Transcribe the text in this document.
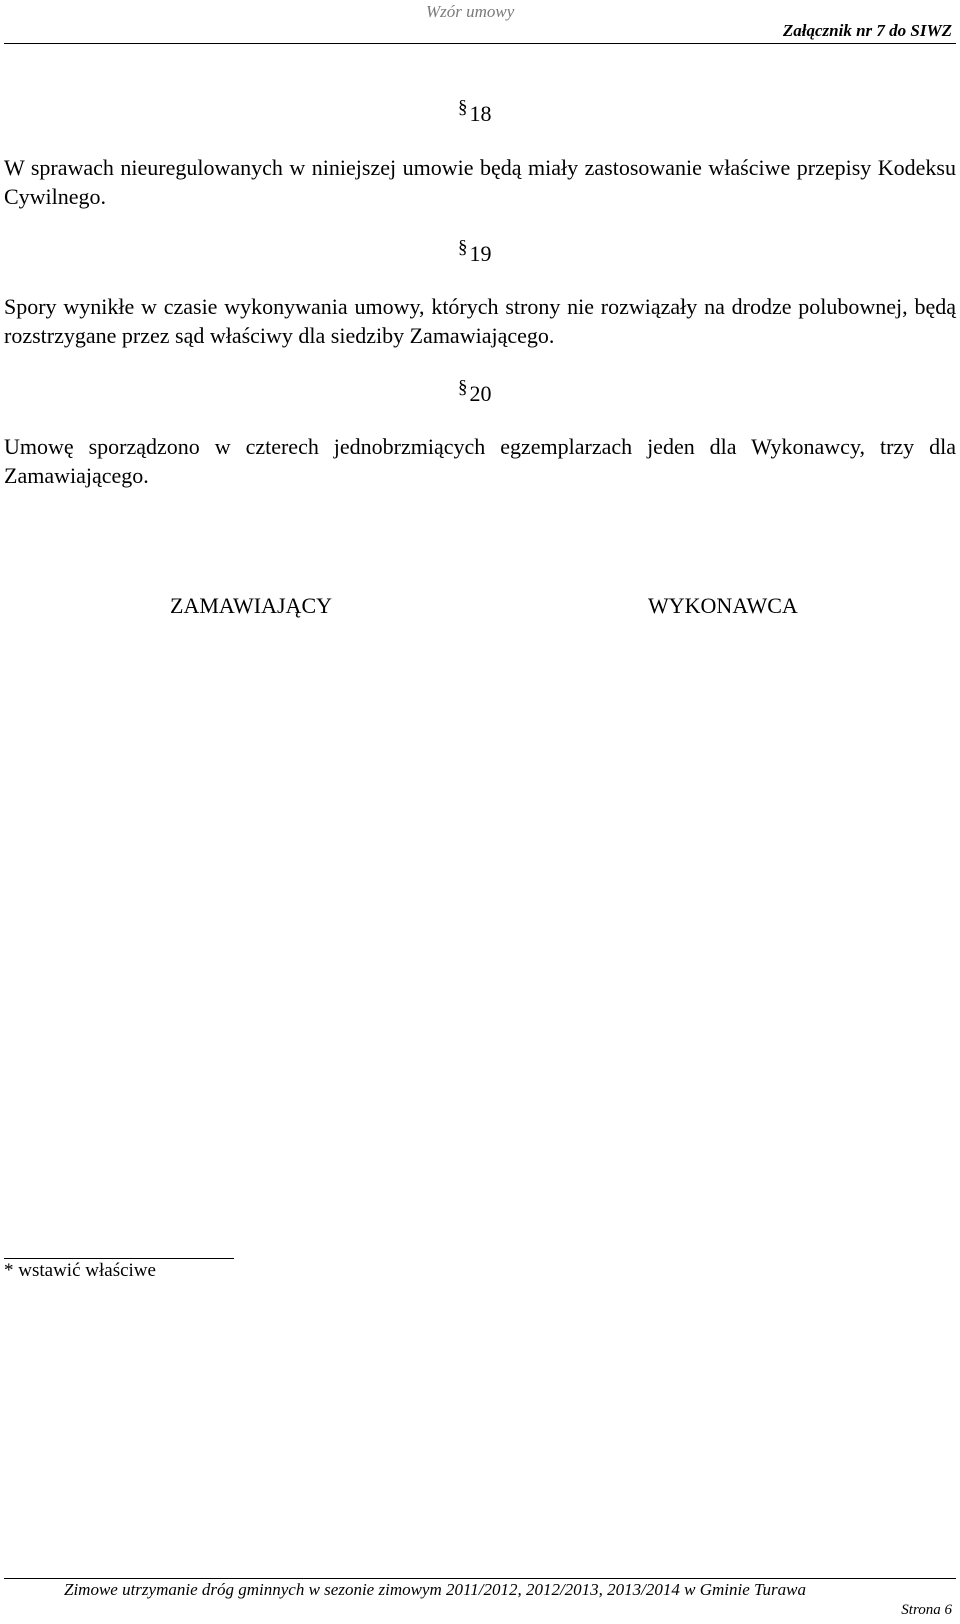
Wzór umowy
Załącznik nr 7 do SIWZ
§18
W sprawach nieuregulowanych w niniejszej umowie będą miały zastosowanie właściwe przepisy Kodeksu Cywilnego.
§19
Spory wynikłe w czasie wykonywania umowy, których strony nie rozwiązały na drodze polubownej, będą rozstrzygane przez sąd właściwy dla siedziby Zamawiającego.
§20
Umowę sporządzono w czterech jednobrzmiących egzemplarzach jeden dla Wykonawcy, trzy dla Zamawiającego.
ZAMAWIAJĄCY	WYKONAWCA
* wstawić właściwe
Zimowe utrzymanie dróg gminnych w sezonie zimowym 2011/2012, 2012/2013, 2013/2014 w Gminie Turawa
Strona 6
